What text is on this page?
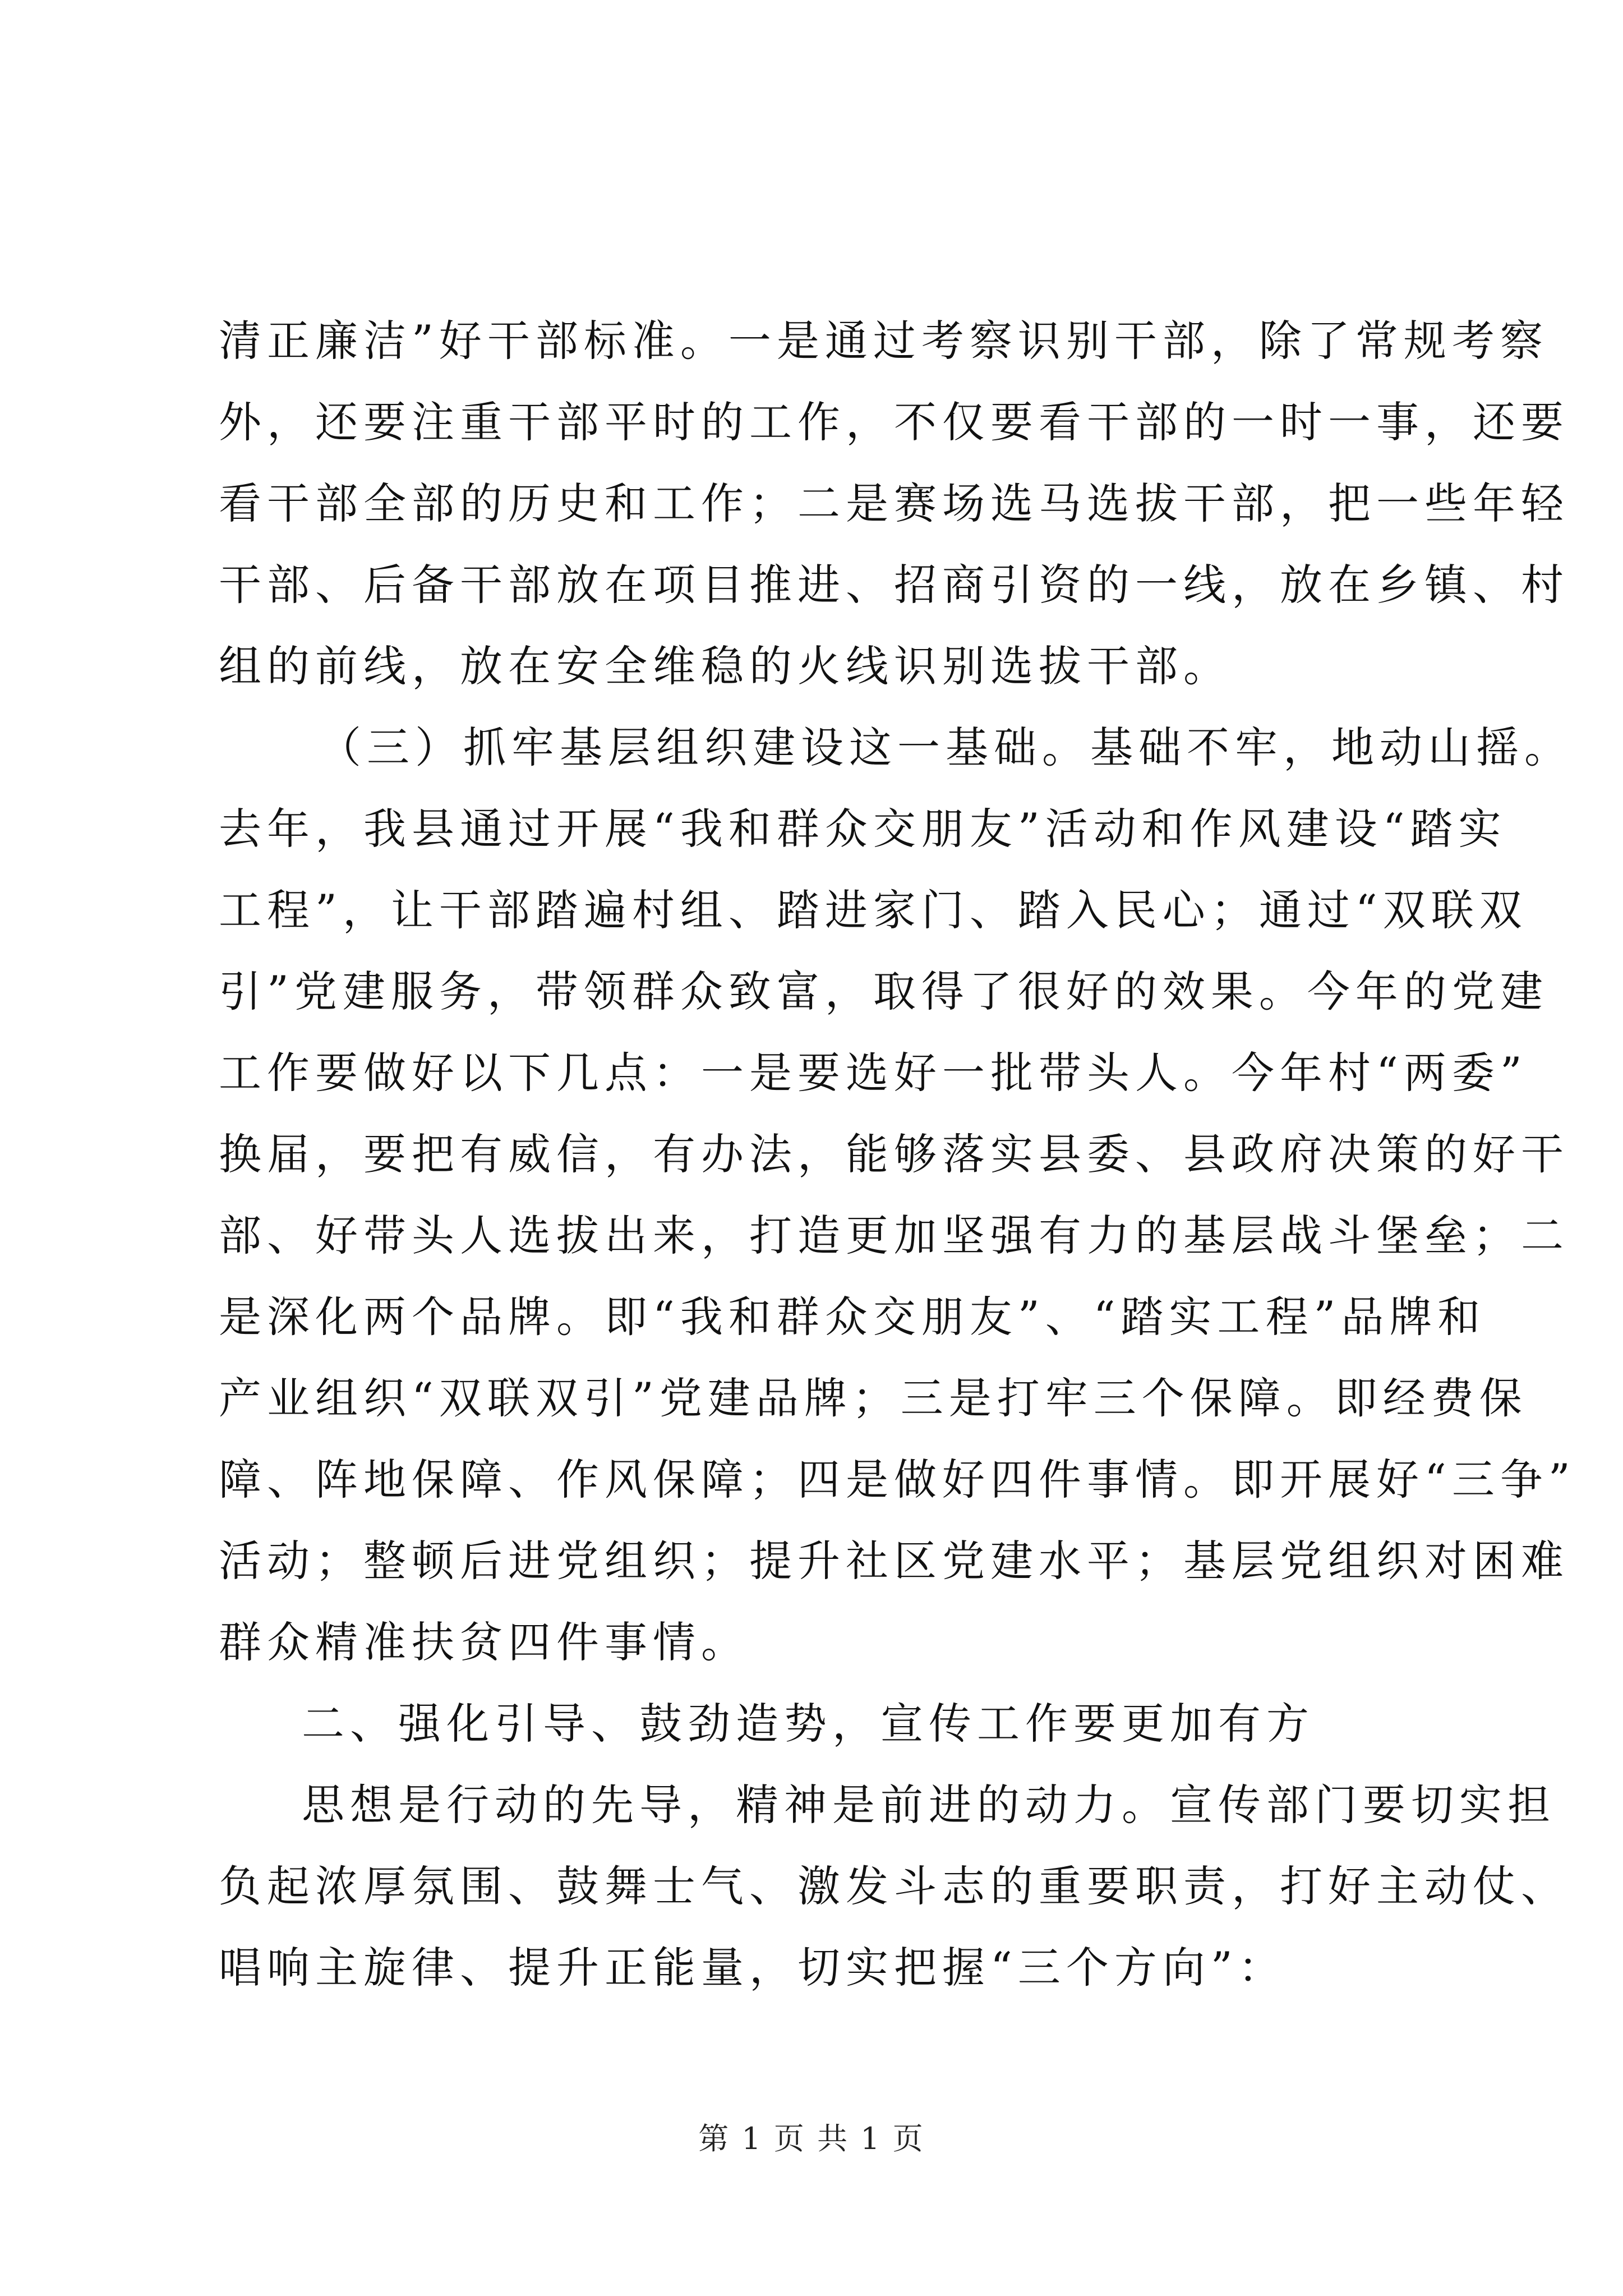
清正廉洁”好干部标准。一是通过考察识别干部，除了常规考察
外，还要注重干部平时的工作，不仅要看干部的一时一事，还要
看干部全部的历史和工作；二是赛场选马选拔干部，把一些年轻
干部、后备干部放在项目推进、招商引资的一线，放在乡镇、村
组的前线，放在安全维稳的火线识别选拔干部。
（三）抓牢基层组织建设这一基础。基础不牢，地动山摇。
去年，我县通过开展“我和群众交朋友”活动和作风建设“踏实
工程”，让干部踏遍村组、踏进家门、踏入民心；通过“双联双
引”党建服务，带领群众致富，取得了很好的效果。今年的党建
工作要做好以下几点：一是要选好一批带头人。今年村“两委”
换届，要把有威信，有办法，能够落实县委、县政府决策的好干
部、好带头人选拔出来，打造更加坚强有力的基层战斗堡垒；二
是深化两个品牌。即“我和群众交朋友”、“踏实工程”品牌和
产业组织“双联双引”党建品牌；三是打牢三个保障。即经费保
障、阵地保障、作风保障；四是做好四件事情。即开展好“三争”
活动；整顿后进党组织；提升社区党建水平；基层党组织对困难
群众精准扶贫四件事情。
二、强化引导、鼓劲造势，宣传工作要更加有方
思想是行动的先导，精神是前进的动力。宣传部门要切实担
负起浓厚氛围、鼓舞士气、激发斗志的重要职责，打好主动仗、
唱响主旋律、提升正能量，切实把握“三个方向”：
第 1 页 共 1 页
